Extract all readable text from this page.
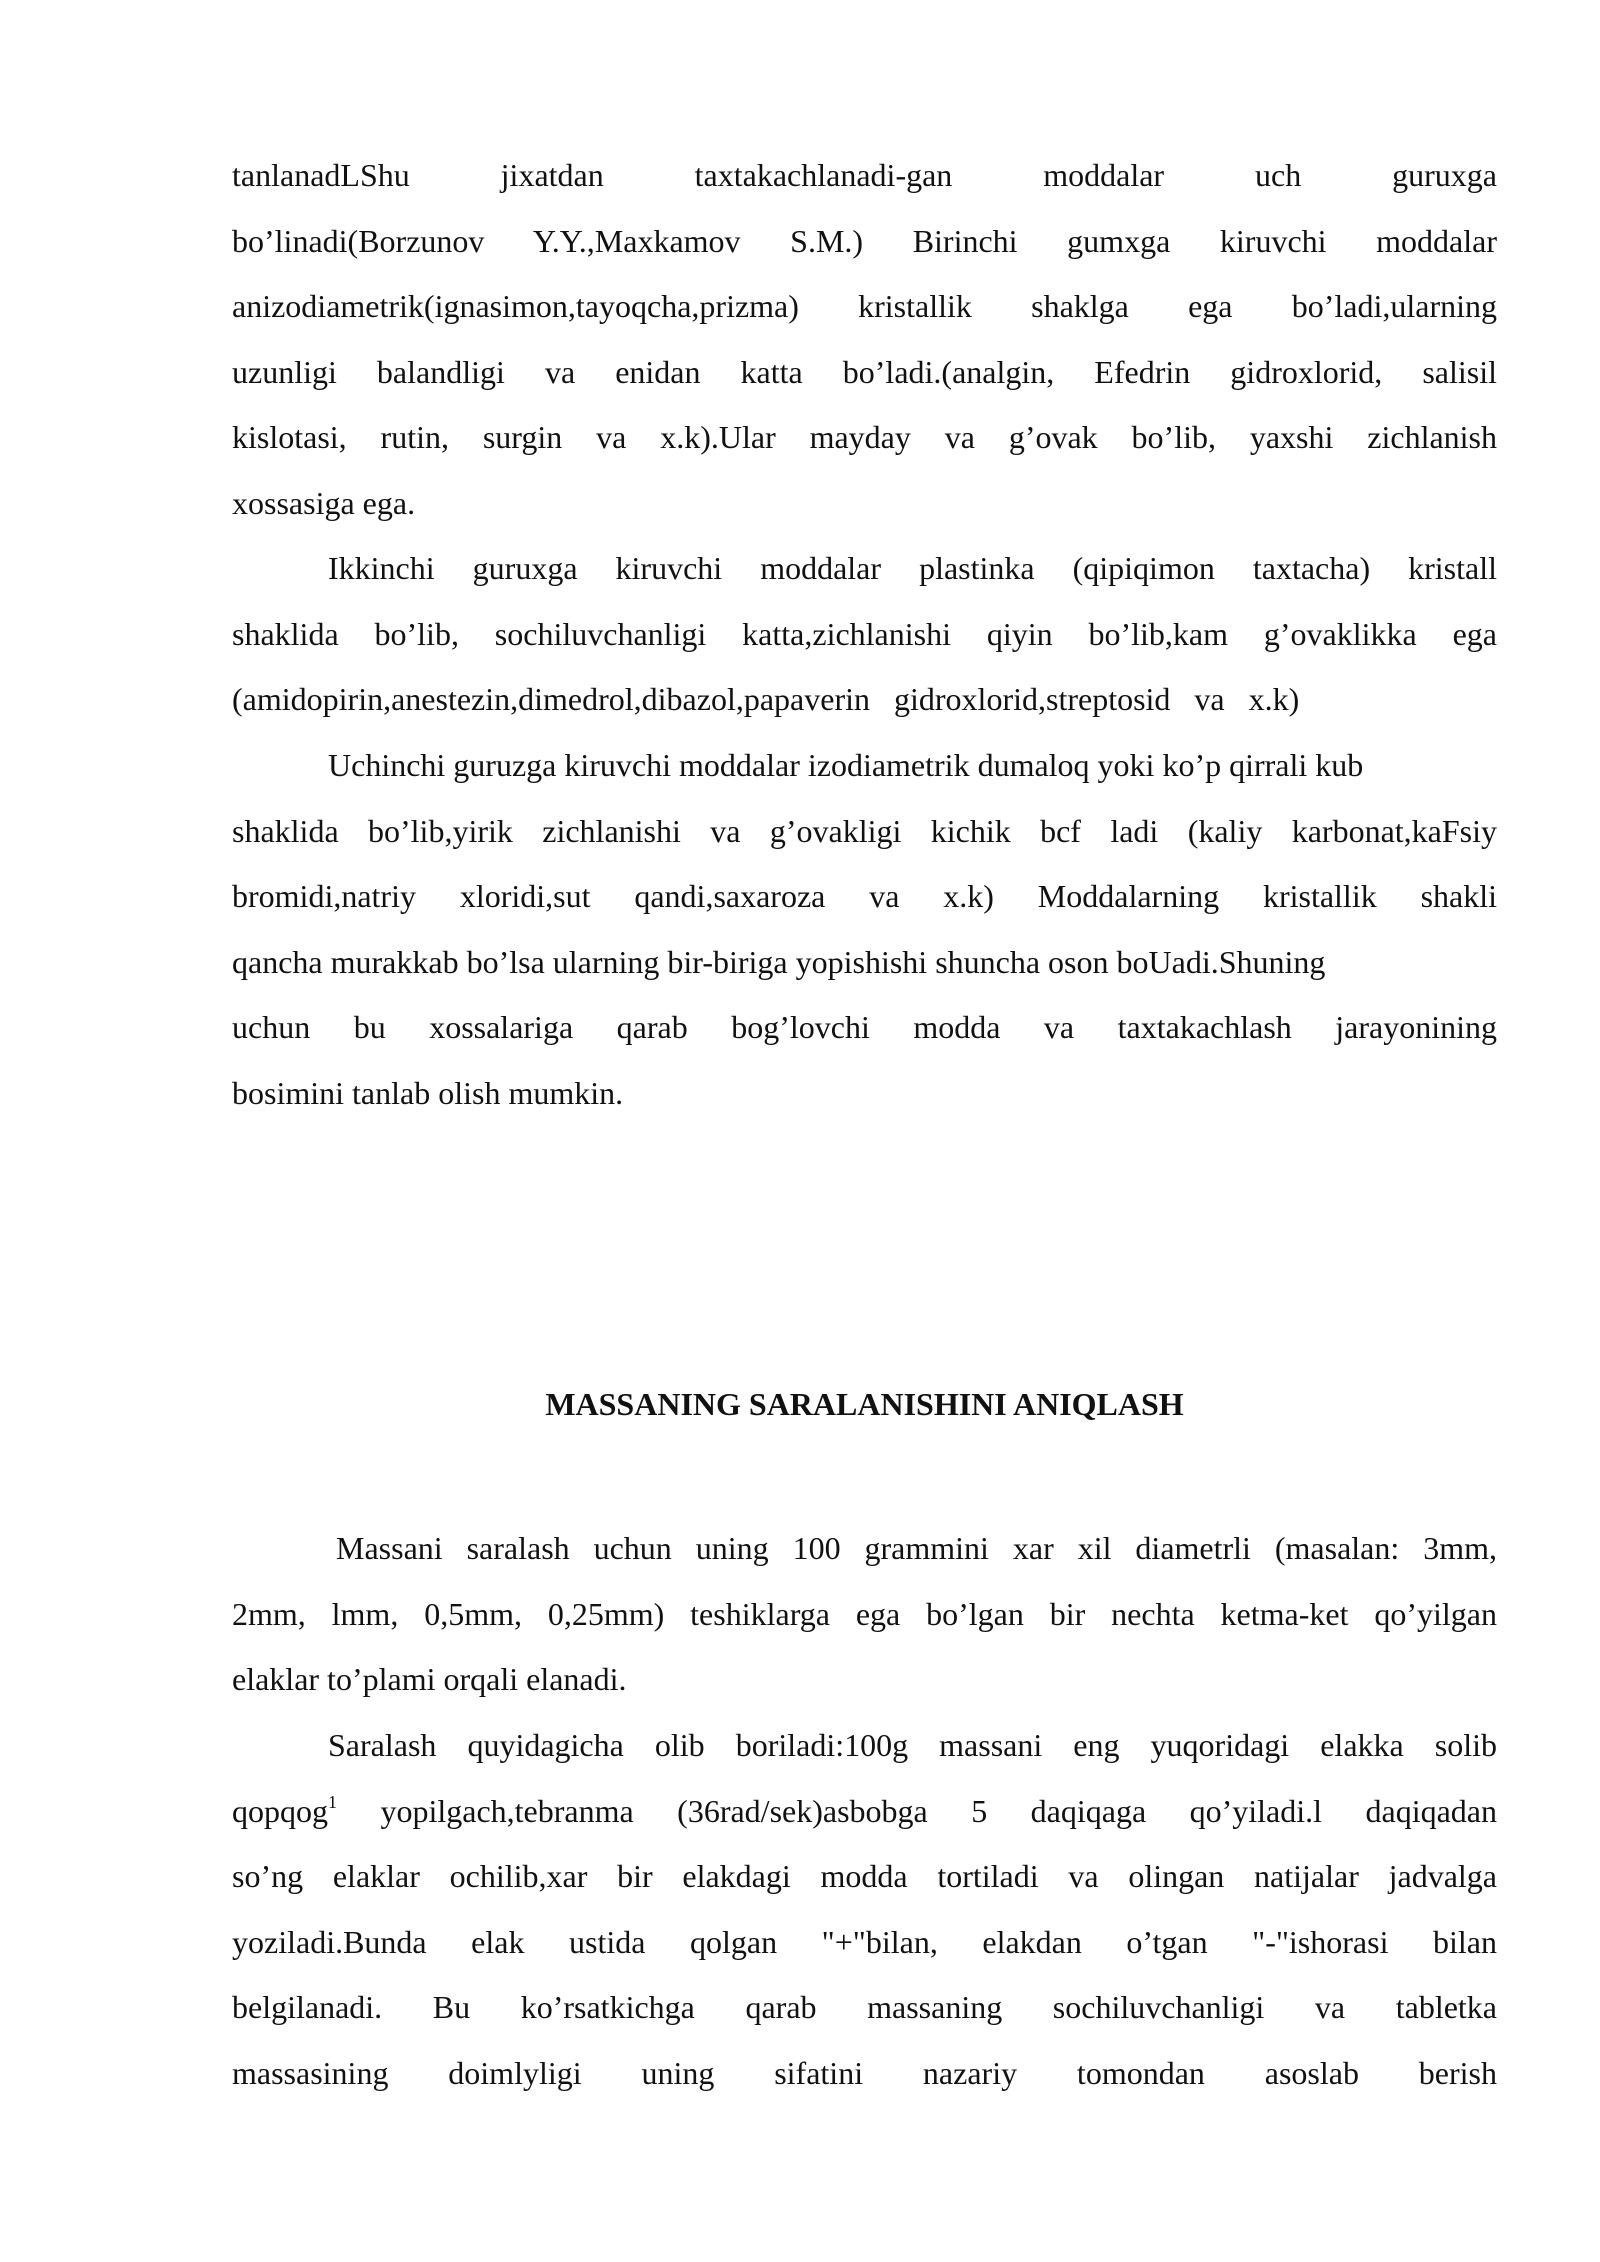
tanlanadLShu jixatdan taxtakachlanadi-gan moddalar uch guruxga
bo’linadi(Borzunov Y.Y.,Maxkamov S.M.) Birinchi gumxga kiruvchi moddalar
anizodiametrik(ignasimon,tayoqcha,prizma) kristallik shaklga ega bo’ladi,ularning
uzunligi balandligi va enidan katta bo’ladi.(analgin, Efedrin gidroxlorid, salisil
kislotasi, rutin, surgin va x.k).Ular mayday va g’ovak bo’lib, yaxshi zichlanish
xossasiga ega.
Ikkinchi guruxga kiruvchi moddalar plastinka (qipiqimon taxtacha) kristall
shaklida bo’lib, sochiluvchanligi katta,zichlanishi qiyin bo’lib,kam g’ovaklikka ega
(amidopirin,anestezin,dimedrol,dibazol,papaverin   gidroxlorid,streptosid   va   x.k)
Uchinchi guruzga kiruvchi moddalar izodiametrik dumaloq yoki ko’p qirrali kub
shaklida bo’lib,yirik zichlanishi va g’ovakligi kichik bcf ladi (kaliy karbonat,kaFsiy
bromidi,natriy xloridi,sut qandi,saxaroza va x.k) Moddalarning kristallik shakli
qancha murakkab bo’lsa ularning bir-biriga yopishishi shuncha oson boUadi.Shuning
uchun bu xossalariga qarab bog’lovchi modda va taxtakachlash jarayonining
bosimini tanlab olish mumkin.
MASSANING SARALANISHINI ANIQLASH
Massani saralash uchun uning 100 grammini xar xil diametrli (masalan: 3mm,
2mm, lmm, 0,5mm, 0,25mm) teshiklarga ega bo’lgan bir nechta ketma-ket qo’yilgan
elaklar to’plami orqali elanadi.
Saralash quyidagicha olib boriladi:100g massani eng yuqoridagi elakka solib
qopqog$^1$ yopilgach,tebranma (36rad/sek)asbobga 5 daqiqaga qo’yiladi.l daqiqadan
so’ng elaklar ochilib,xar bir elakdagi modda tortiladi va olingan natijalar jadvalga
yoziladi.Bunda elak ustida qolgan "+"bilan, elakdan o’tgan "-"ishorasi bilan
belgilanadi. Bu ko’rsatkichga qarab massaning sochiluvchanligi va tabletka
massasining doimlyligi uning sifatini nazariy tomondan asoslab berish
